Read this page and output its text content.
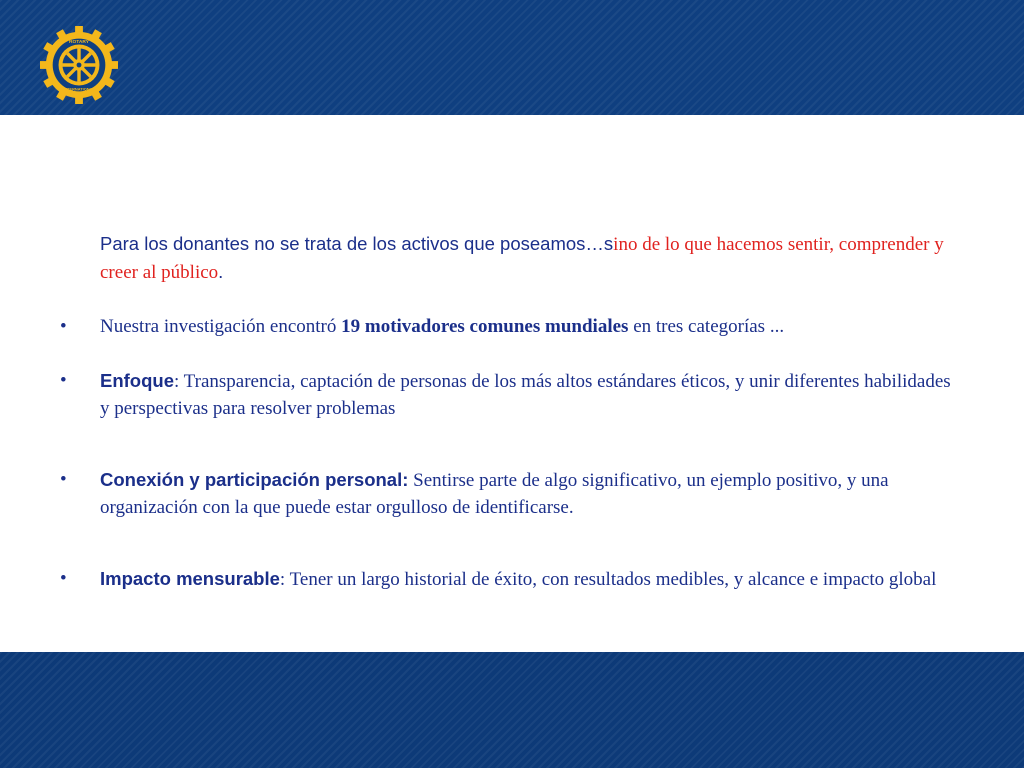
ROTARY
INTERNATIONAL
Para los donantes no se trata de los activos que poseamos…sino de lo que hacemos sentir, comprender y creer al público.
• Nuestra investigación encontró 19 motivadores comunes mundiales en tres categorías ...
• Enfoque: Transparencia, captación de personas de los más altos estándares éticos, y unir diferentes habilidades y perspectivas para resolver problemas
• Conexión y participación personal: Sentirse parte de algo significativo, un ejemplo positivo, y una organización con la que puede estar orgulloso de identificarse.
• Impacto mensurable: Tener un largo historial de éxito, con resultados medibles, y alcance e impacto global
